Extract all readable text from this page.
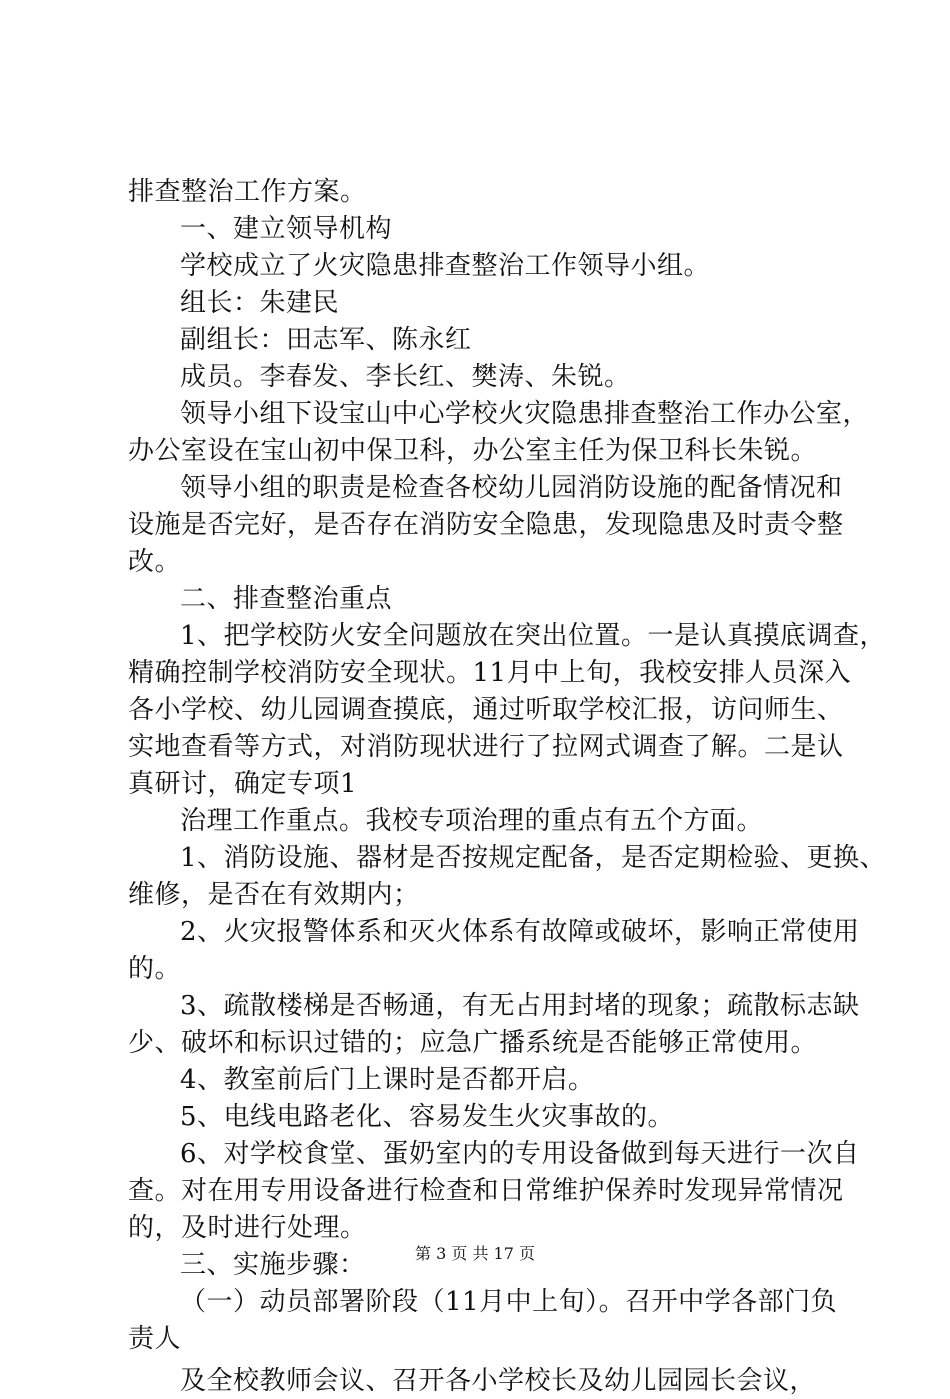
排查整治工作方案。
一、建立领导机构
学校成立了火灾隐患排查整治工作领导小组。
组长：朱建民
副组长：田志军、陈永红
成员。李春发、李长红、樊涛、朱锐。
领导小组下设宝山中心学校火灾隐患排查整治工作办公室，
办公室设在宝山初中保卫科，办公室主任为保卫科长朱锐。
领导小组的职责是检查各校幼儿园消防设施的配备情况和
设施是否完好，是否存在消防安全隐患，发现隐患及时责令整
改。
二、排查整治重点
1、把学校防火安全问题放在突出位置。一是认真摸底调查，
精确控制学校消防安全现状。11月中上旬，我校安排人员深入
各小学校、幼儿园调查摸底，通过听取学校汇报，访问师生、
实地查看等方式，对消防现状进行了拉网式调查了解。二是认
真研讨，确定专项1
治理工作重点。我校专项治理的重点有五个方面。
1、消防设施、器材是否按规定配备，是否定期检验、更换、
维修，是否在有效期内；
2、火灾报警体系和灭火体系有故障或破坏，影响正常使用
的。
3、疏散楼梯是否畅通，有无占用封堵的现象；疏散标志缺
少、破坏和标识过错的；应急广播系统是否能够正常使用。
4、教室前后门上课时是否都开启。
5、电线电路老化、容易发生火灾事故的。
6、对学校食堂、蛋奶室内的专用设备做到每天进行一次自
查。对在用专用设备进行检查和日常维护保养时发现异常情况
的，及时进行处理。
三、实施步骤：
（一）动员部署阶段（11月中上旬）。召开中学各部门负
责人
及全校教师会议、召开各小学校长及幼儿园园长会议，
第 3 页 共 17 页
